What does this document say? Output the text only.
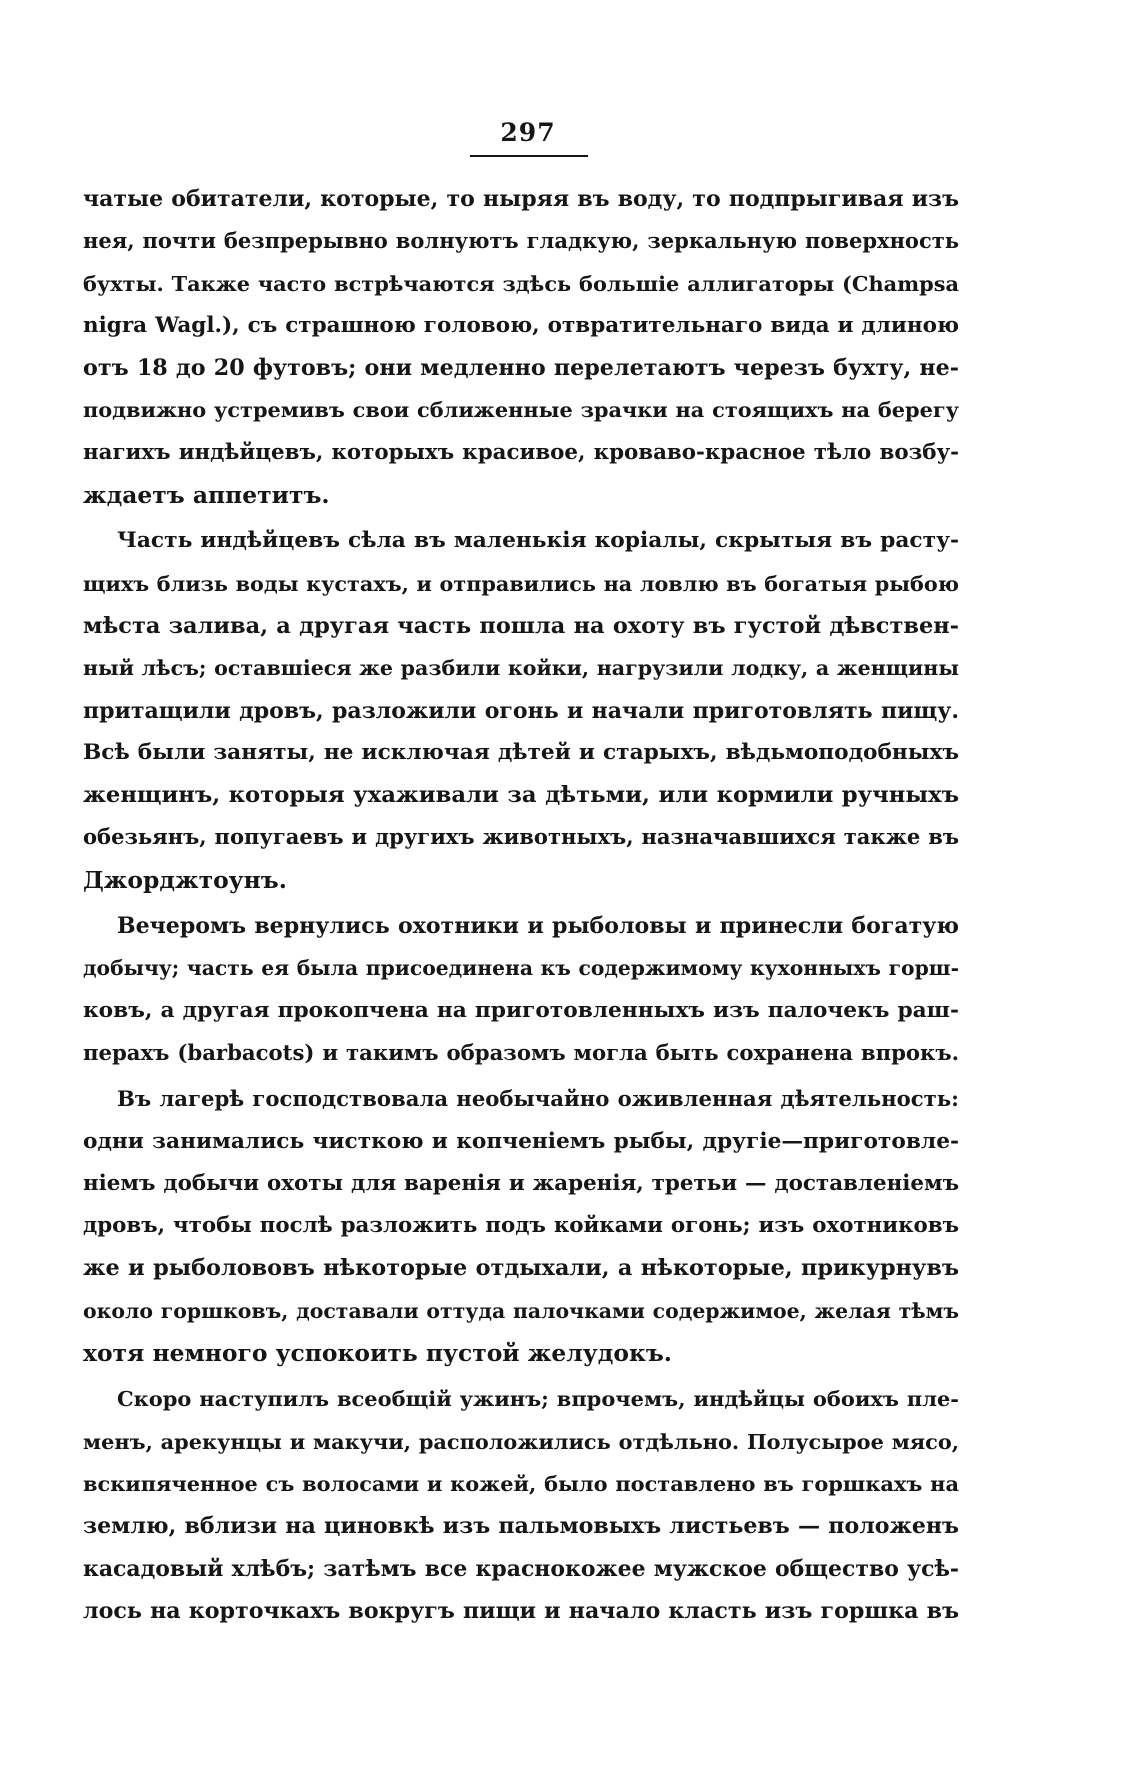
297
чатые обитатели, которые, то ныряя въ воду, то подпрыгивая изъ
нея, почти безпрерывно волнуютъ гладкую, зеркальную поверхность
бухты. Также часто встрѣчаются здѣсь большіе аллигаторы (Champsa
nigra Wagl.), съ страшною головою, отвратительнаго вида и длиною
отъ 18 до 20 футовъ; они медленно перелетаютъ черезъ бухту, не-
подвижно устремивъ свои сближенные зрачки на стоящихъ на берегу
нагихъ индѣйцевъ, которыхъ красивое, кроваво-красное тѣло возбу-
ждаетъ аппетитъ.
Часть индѣйцевъ сѣла въ маленькія коріалы, скрытыя въ расту-
щихъ близь воды кустахъ, и отправились на ловлю въ богатыя рыбою
мѣста залива, а другая часть пошла на охоту въ густой дѣвствен-
ный лѣсъ; оставшіеся же разбили койки, нагрузили лодку, а женщины
притащили дровъ, разложили огонь и начали приготовлять пищу.
Всѣ были заняты, не исключая дѣтей и старыхъ, вѣдьмоподобныхъ
женщинъ, которыя ухаживали за дѣтьми, или кормили ручныхъ
обезьянъ, попугаевъ и другихъ животныхъ, назначавшихся также въ
Джорджтоунъ.
Вечеромъ вернулись охотники и рыболовы и принесли богатую
добычу; часть ея была присоединена къ содержимому кухонныхъ горш-
ковъ, а другая прокопчена на приготовленныхъ изъ палочекъ раш-
перахъ (barbacots) и такимъ образомъ могла быть сохранена впрокъ.
Въ лагерѣ господствовала необычайно оживленная дѣятельность:
одни занимались чисткою и копченіемъ рыбы, другіе—приготовле-
ніемъ добычи охоты для варенія и жаренія, третьи — доставленіемъ
дровъ, чтобы послѣ разложить подъ койками огонь; изъ охотниковъ
же и рыболововъ нѣкоторые отдыхали, а нѣкоторые, прикурнувъ
около горшковъ, доставали оттуда палочками содержимое, желая тѣмъ
хотя немного успокоить пустой желудокъ.
Скоро наступилъ всеобщій ужинъ; впрочемъ, индѣйцы обоихъ пле-
менъ, арекунцы и макучи, расположились отдѣльно. Полусырое мясо,
вскипяченное съ волосами и кожей, было поставлено въ горшкахъ на
землю, вблизи на циновкѣ изъ пальмовыхъ листьевъ — положенъ
касадовый хлѣбъ; затѣмъ все краснокожее мужское общество усѣ-
лось на корточкахъ вокругъ пищи и начало класть изъ горшка въ
